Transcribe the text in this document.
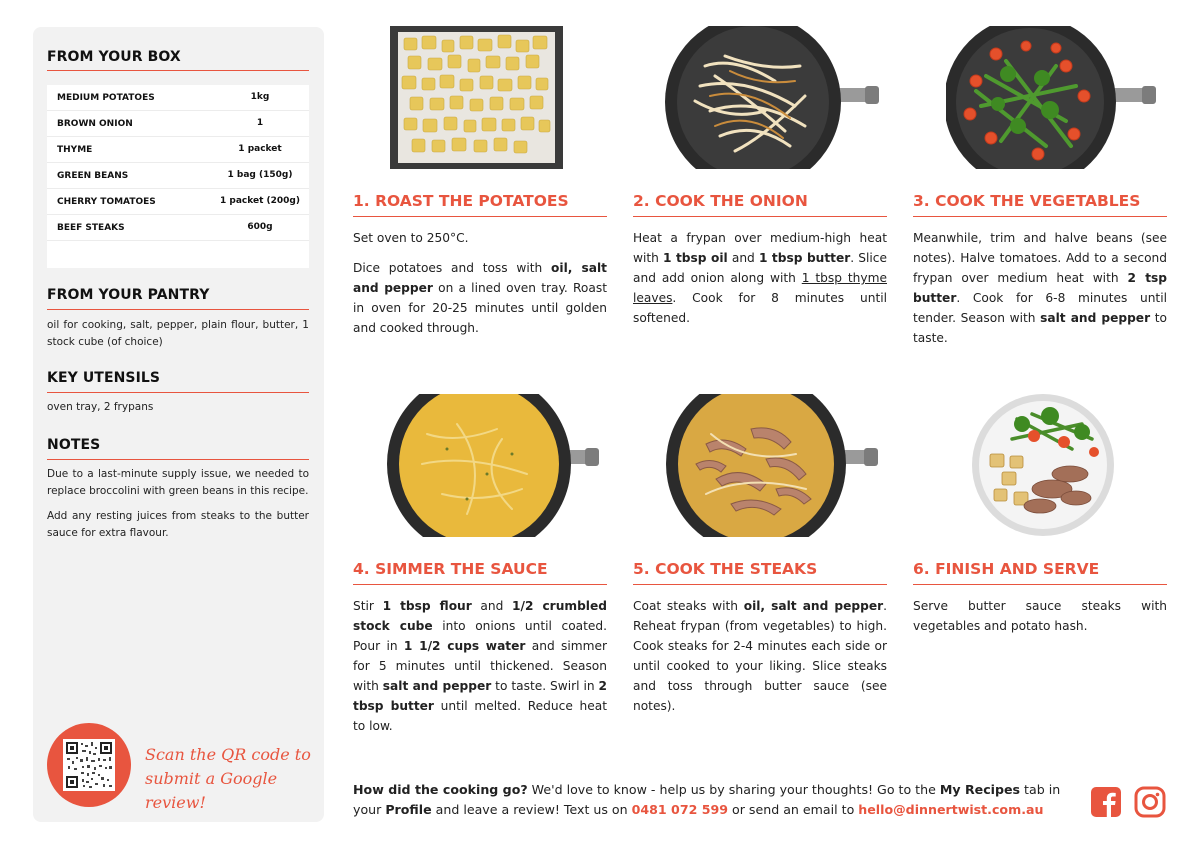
FROM YOUR BOX
MEDIUM POTATOES	1kg
BROWN ONION	1
THYME	1 packet
GREEN BEANS	1 bag (150g)
CHERRY TOMATOES	1 packet (200g)
BEEF STEAKS	600g
FROM YOUR PANTRY
oil for cooking, salt, pepper, plain flour, butter, 1 stock cube (of choice)
KEY UTENSILS
oven tray, 2 frypans
NOTES
Due to a last-minute supply issue, we needed to replace broccolini with green beans in this recipe.
Add any resting juices from steaks to the butter sauce for extra flavour.
Scan the QR code to
submit a Google review!
1. ROAST THE POTATOES

Set oven to 250°C.

Dice potatoes and toss with oil, salt and pepper on a lined oven tray. Roast in oven for 20-25 minutes until golden and cooked through.

2. COOK THE ONION

Heat a frypan over medium-high heat with 1 tbsp oil and 1 tbsp butter. Slice and add onion along with 1 tbsp thyme leaves. Cook for 8 minutes until softened.

3. COOK THE VEGETABLES

Meanwhile, trim and halve beans (see notes). Halve tomatoes. Add to a second frypan over medium heat with 2 tsp butter. Cook for 6-8 minutes until tender. Season with salt and pepper to taste.

4. SIMMER THE SAUCE

Stir 1 tbsp flour and 1/2 crumbled stock cube into onions until coated. Pour in 1 1/2 cups water and simmer for 5 minutes until thickened. Season with salt and pepper to taste. Swirl in 2 tbsp butter until melted. Reduce heat to low.

5. COOK THE STEAKS

Coat steaks with oil, salt and pepper. Reheat frypan (from vegetables) to high. Cook steaks for 2-4 minutes each side or until cooked to your liking. Slice steaks and toss through butter sauce (see notes).

6. FINISH AND SERVE

Serve butter sauce steaks with vegetables and potato hash.

How did the cooking go? We'd love to know - help us by sharing your thoughts! Go to the My Recipes tab in your Profile and leave a review! Text us on 0481 072 599 or send an email to hello@dinnertwist.com.au
